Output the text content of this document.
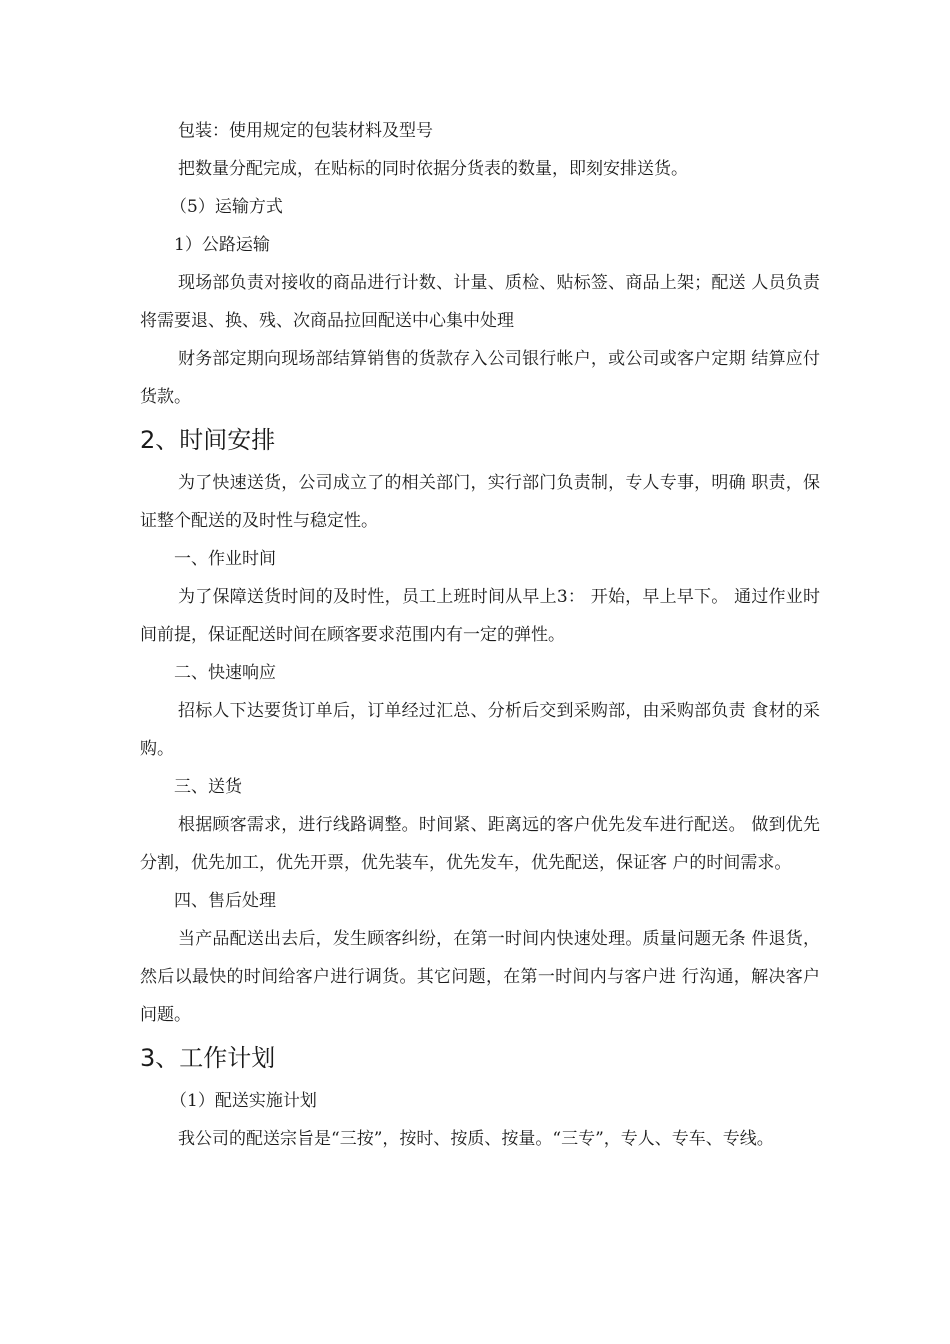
包装：使用规定的包装材料及型号

把数量分配完成，在贴标的同时依据分货表的数量，即刻安排送货。

（5）运输方式

1）公路运输

现场部负责对接收的商品进行计数、计量、质检、贴标签、商品上架；配送 人员负责将需要退、换、残、次商品拉回配送中心集中处理

财务部定期向现场部结算销售的货款存入公司银行帐户，或公司或客户定期 结算应付货款。

2、时间安排

为了快速送货，公司成立了的相关部门，实行部门负责制，专人专事，明确 职责，保证整个配送的及时性与稳定性。

一、作业时间

为了保障送货时间的及时性，员工上班时间从早上3： 开始，早上早下。 通过作业时间前提，保证配送时间在顾客要求范围内有一定的弹性。

二、快速响应

招标人下达要货订单后，订单经过汇总、分析后交到采购部，由采购部负责 食材的采购。

三、送货

根据顾客需求，进行线路调整。时间紧、距离远的客户优先发车进行配送。 做到优先分割，优先加工，优先开票，优先装车，优先发车，优先配送，保证客 户的时间需求。

四、售后处理

当产品配送出去后，发生顾客纠纷，在第一时间内快速处理。质量问题无条 件退货，然后以最快的时间给客户进行调货。其它问题，在第一时间内与客户进 行沟通，解决客户问题。

3、工作计划

（1）配送实施计划

我公司的配送宗旨是“三按”，按时、按质、按量。“三专”，专人、专车、专线。
